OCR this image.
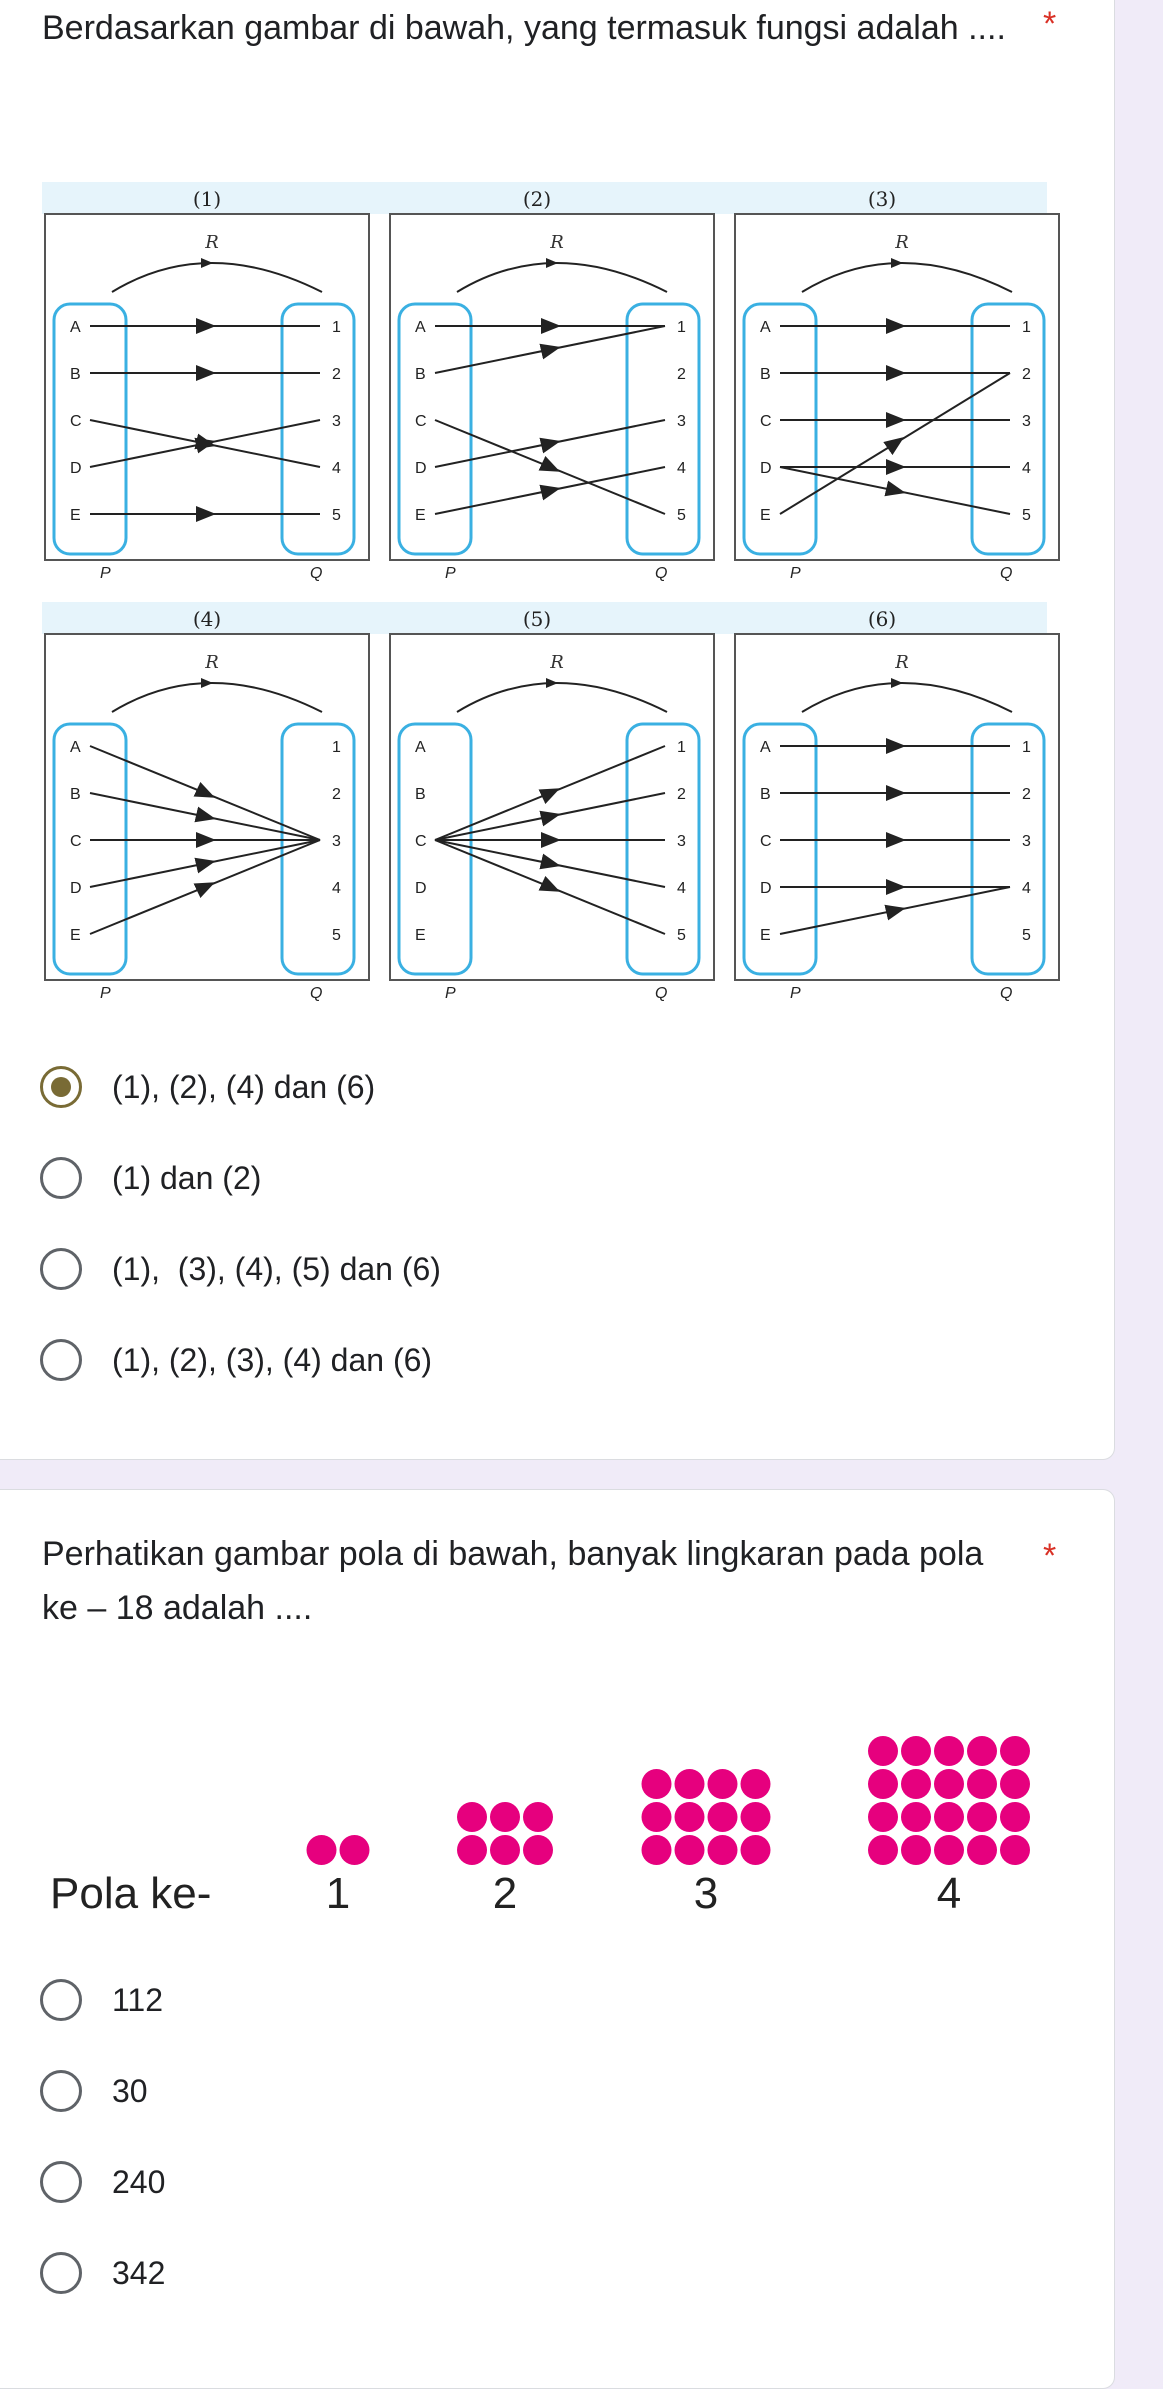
Berdasarkan gambar di bawah, yang termasuk fungsi adalah ....	*
(1)
R
A
B
C
D
E
1
2
3
4
5
P	Q
(2)
R
A
B
C
D
E
1
2
3
4
5
P	Q
(3)
R
A
B
C
D
E
1
2
3
4
5
P	Q
(4)
R
A
B
C
D
E
1
2
3
4
5
P	Q
(5)
R
A
B
C
D
E
1
2
3
4
5
P	Q
(6)
R
A
B
C
D
E
1
2
3
4
5
P	Q
(1), (2), (4) dan (6)
(1) dan (2)
(1),  (3), (4), (5) dan (6)
(1), (2), (3), (4) dan (6)
Perhatikan gambar pola di bawah, banyak lingkaran pada pola ke – 18 adalah ....
*
Pola ke-	1	2	3	4
112
30
240
342
